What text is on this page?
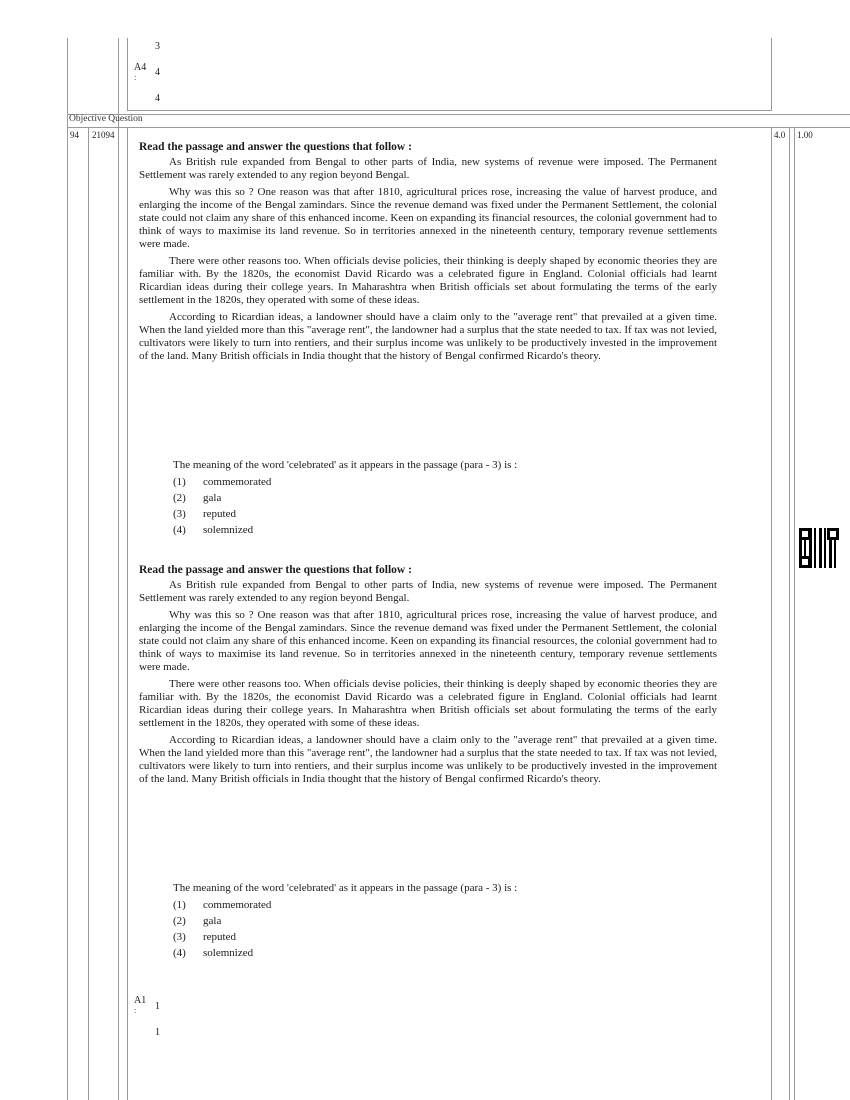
3
A4
: 4
4
Objective Question
94 21094	4.0 1.00
Read the passage and answer the questions that follow :

As British rule expanded from Bengal to other parts of India, new systems of revenue were imposed. The Permanent Settlement was rarely extended to any region beyond Bengal.

Why was this so ? One reason was that after 1810, agricultural prices rose, increasing the value of harvest produce, and enlarging the income of the Bengal zamindars. Since the revenue demand was fixed under the Permanent Settlement, the colonial state could not claim any share of this enhanced income. Keen on expanding its financial resources, the colonial government had to think of ways to maximise its land revenue. So in territories annexed in the nineteenth century, temporary revenue settlements were made.

There were other reasons too. When officials devise policies, their thinking is deeply shaped by economic theories they are familiar with. By the 1820s, the economist David Ricardo was a celebrated figure in England. Colonial officials had learnt Ricardian ideas during their college years. In Maharashtra when British officials set about formulating the terms of the early settlement in the 1820s, they operated with some of these ideas.

According to Ricardian ideas, a landowner should have a claim only to the "average rent" that prevailed at a given time. When the land yielded more than this "average rent", the landowner had a surplus that the state needed to tax. If tax was not levied, cultivators were likely to turn into rentiers, and their surplus income was unlikely to be productively invested in the improvement of the land. Many British officials in India thought that the history of Bengal confirmed Ricardo's theory.

The meaning of the word 'celebrated' as it appears in the passage (para - 3) is :
(1)	commemorated
(2)	gala
(3)	reputed
(4)	solemnized
Read the passage and answer the questions that follow :

As British rule expanded from Bengal to other parts of India, new systems of revenue were imposed. The Permanent Settlement was rarely extended to any region beyond Bengal.

Why was this so ? One reason was that after 1810, agricultural prices rose, increasing the value of harvest produce, and enlarging the income of the Bengal zamindars. Since the revenue demand was fixed under the Permanent Settlement, the colonial state could not claim any share of this enhanced income. Keen on expanding its financial resources, the colonial government had to think of ways to maximise its land revenue. So in territories annexed in the nineteenth century, temporary revenue settlements were made.

There were other reasons too. When officials devise policies, their thinking is deeply shaped by economic theories they are familiar with. By the 1820s, the economist David Ricardo was a celebrated figure in England. Colonial officials had learnt Ricardian ideas during their college years. In Maharashtra when British officials set about formulating the terms of the early settlement in the 1820s, they operated with some of these ideas.

According to Ricardian ideas, a landowner should have a claim only to the "average rent" that prevailed at a given time. When the land yielded more than this "average rent", the landowner had a surplus that the state needed to tax. If tax was not levied, cultivators were likely to turn into rentiers, and their surplus income was unlikely to be productively invested in the improvement of the land. Many British officials in India thought that the history of Bengal confirmed Ricardo's theory.

The meaning of the word 'celebrated' as it appears in the passage (para - 3) is :
(1)	commemorated
(2)	gala
(3)	reputed
(4)	solemnized
A1
: 1
1
